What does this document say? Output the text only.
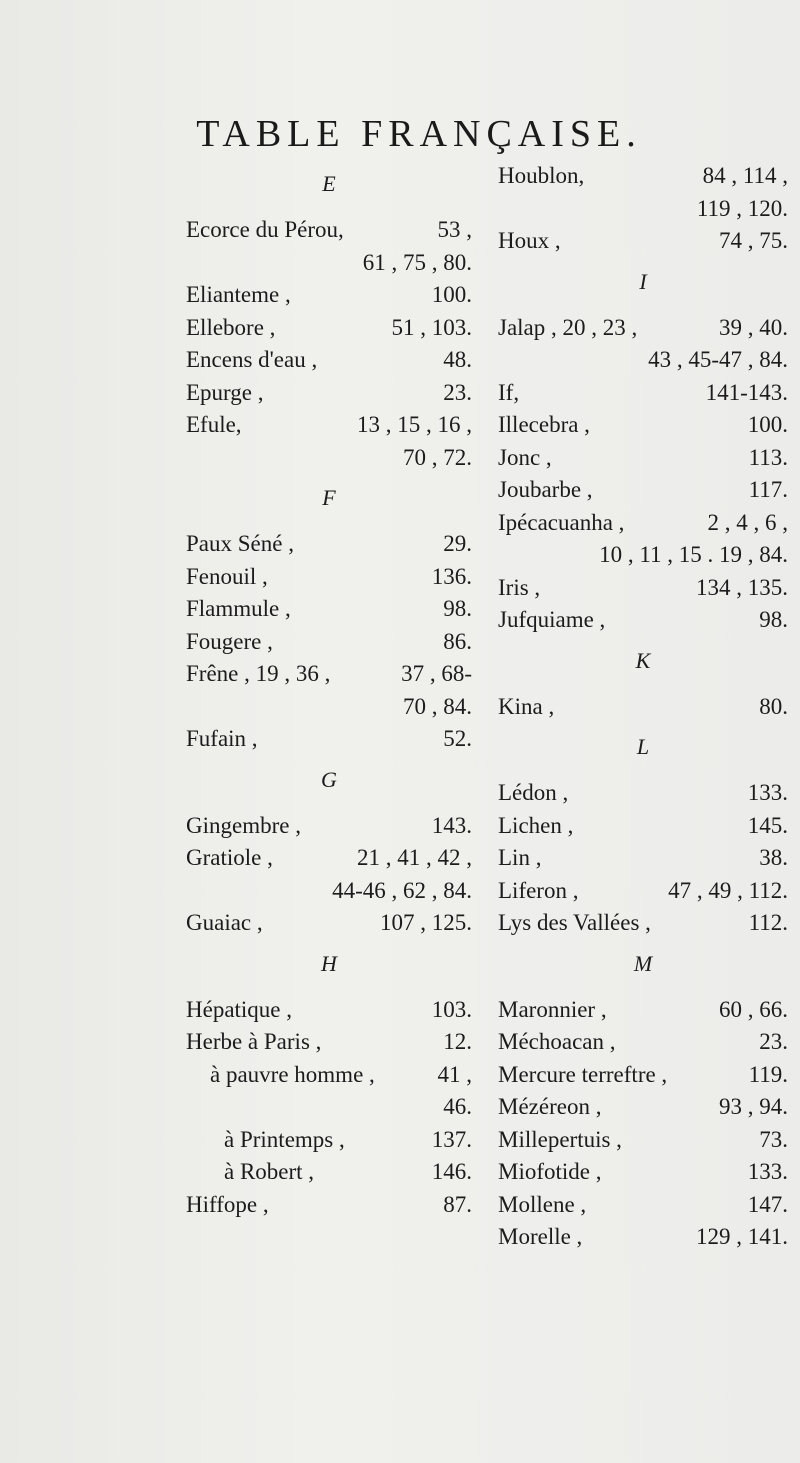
TABLE FRANÇAISE.
E
Ecorce du Pérou,	53 ,
61 , 75 , 80.
Elianteme ,	100.
Ellebore ,	51 , 103.
Encens d'eau ,	48.
Epurge ,	23.
Efule,	13 , 15 , 16 ,
70 , 72.
F
Paux Séné ,	29.
Fenouil ,	136.
Flammule ,	98.
Fougere ,	86.
Frêne , 19 , 36 ,	37 , 68-
70 , 84.
Fufain ,	52.
G
Gingembre ,	143.
Gratiole ,	21 , 41 , 42 ,
44-46 , 62 , 84.
Guaiac ,	107 , 125.
H
Hépatique ,	103.
Herbe à Paris ,	12.
à pauvre homme ,	41 ,
46.
à Printemps ,	137.
à Robert ,	146.
Hiffope ,	87.
Houblon,	84 , 114 ,
119 , 120.
Houx ,	74 , 75.
I
Jalap , 20 , 23 ,	39 , 40.
43 , 45-47 , 84.
If,	141-143.
Illecebra ,	100.
Jonc ,	113.
Joubarbe ,	117.
Ipécacuanha ,	2 , 4 , 6 ,
10 , 11 , 15 . 19 , 84.
Iris ,	134 , 135.
Jufquiame ,	98.
K
Kina ,	80.
L
Lédon ,	133.
Lichen ,	145.
Lin ,	38.
Liferon ,	47 , 49 , 112.
Lys des Vallées ,	112.
M
Maronnier ,	60 , 66.
Méchoacan ,	23.
Mercure terreftre ,	119.
Mézéreon ,	93 , 94.
Millepertuis ,	73.
Miofotide ,	133.
Mollene ,	147.
Morelle ,	129 , 141.
